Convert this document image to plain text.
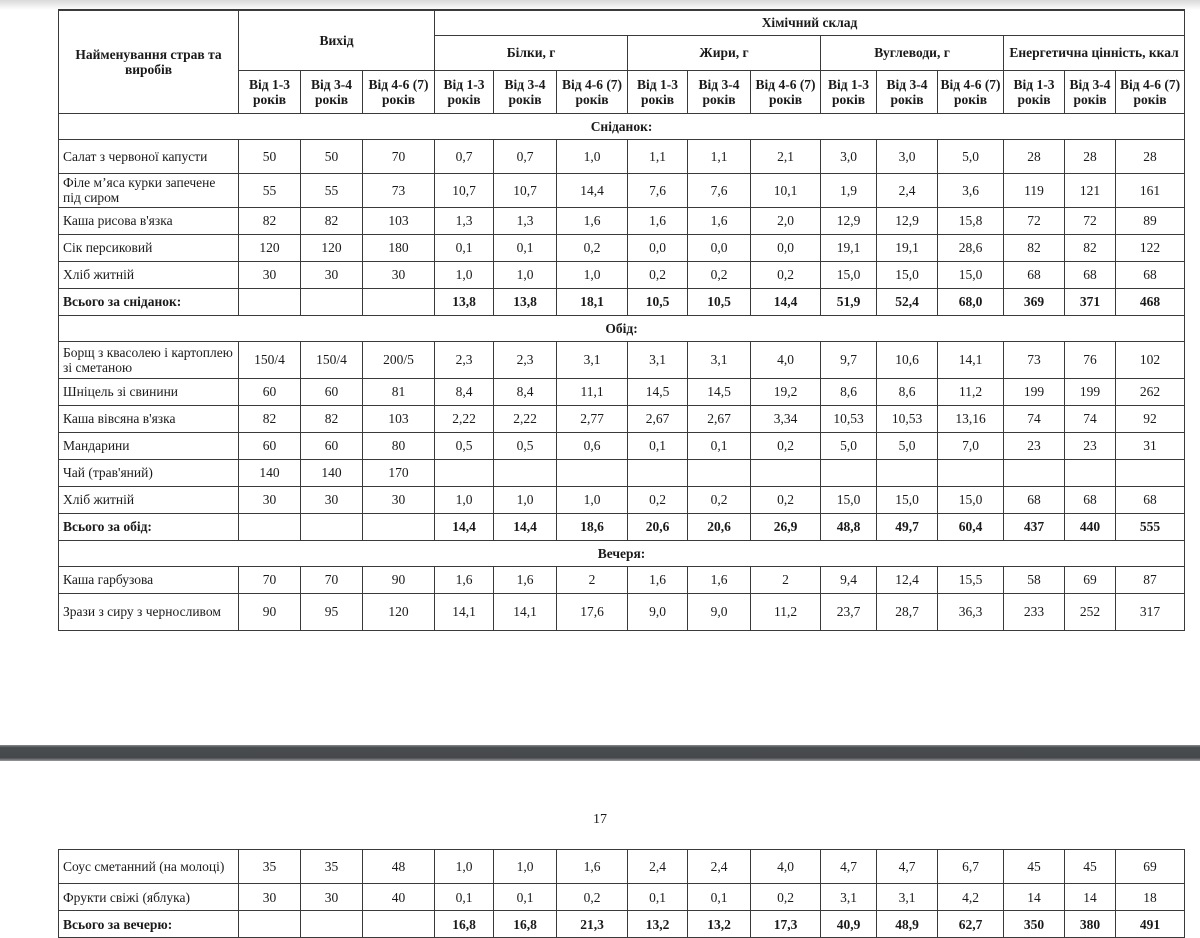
Найменування страв та виробів	Вихід			Хімічний склад											
				Білки, г			Жири, г			Вуглеводи, г			Енергетична цінність, ккал		
	Від 1-3 років	Від 3-4 років	Від 4-6 (7) років	Від 1-3 років	Від 3-4 років	Від 4-6 (7) років	Від 1-3 років	Від 3-4 років	Від 4-6 (7) років	Від 1-3 років	Від 3-4 років	Від 4-6 (7) років	Від 1-3 років	Від 3-4 років	Від 4-6 (7) років
Сніданок:															
Салат з червоної капусти	50	50	70	0,7	0,7	1,0	1,1	1,1	2,1	3,0	3,0	5,0	28	28	28
Філе м’яса курки запечене під сиром	55	55	73	10,7	10,7	14,4	7,6	7,6	10,1	1,9	2,4	3,6	119	121	161
Каша рисова в'язка	82	82	103	1,3	1,3	1,6	1,6	1,6	2,0	12,9	12,9	15,8	72	72	89
Сік персиковий	120	120	180	0,1	0,1	0,2	0,0	0,0	0,0	19,1	19,1	28,6	82	82	122
Хліб житній	30	30	30	1,0	1,0	1,0	0,2	0,2	0,2	15,0	15,0	15,0	68	68	68
Всього за сніданок:				13,8	13,8	18,1	10,5	10,5	14,4	51,9	52,4	68,0	369	371	468
Обід:															
Борщ з квасолею і картоплею зі сметаною	150/4	150/4	200/5	2,3	2,3	3,1	3,1	3,1	4,0	9,7	10,6	14,1	73	76	102
Шніцель зі свинини	60	60	81	8,4	8,4	11,1	14,5	14,5	19,2	8,6	8,6	11,2	199	199	262
Каша вівсяна в'язка	82	82	103	2,22	2,22	2,77	2,67	2,67	3,34	10,53	10,53	13,16	74	74	92
Мандарини	60	60	80	0,5	0,5	0,6	0,1	0,1	0,2	5,0	5,0	7,0	23	23	31
Чай (трав'яний)	140	140	170												
Хліб житній	30	30	30	1,0	1,0	1,0	0,2	0,2	0,2	15,0	15,0	15,0	68	68	68
Всього за обід:				14,4	14,4	18,6	20,6	20,6	26,9	48,8	49,7	60,4	437	440	555
Вечеря:															
Каша гарбузова	70	70	90	1,6	1,6	2	1,6	1,6	2	9,4	12,4	15,5	58	69	87
Зрази з сиру з черносливом	90	95	120	14,1	14,1	17,6	9,0	9,0	11,2	23,7	28,7	36,3	233	252	317
17
Соус сметанний (на молоці)	35	35	48	1,0	1,0	1,6	2,4	2,4	4,0	4,7	4,7	6,7	45	45	69
Фрукти свіжі (яблука)	30	30	40	0,1	0,1	0,2	0,1	0,1	0,2	3,1	3,1	4,2	14	14	18
Всього за вечерю:				16,8	16,8	21,3	13,2	13,2	17,3	40,9	48,9	62,7	350	380	491
